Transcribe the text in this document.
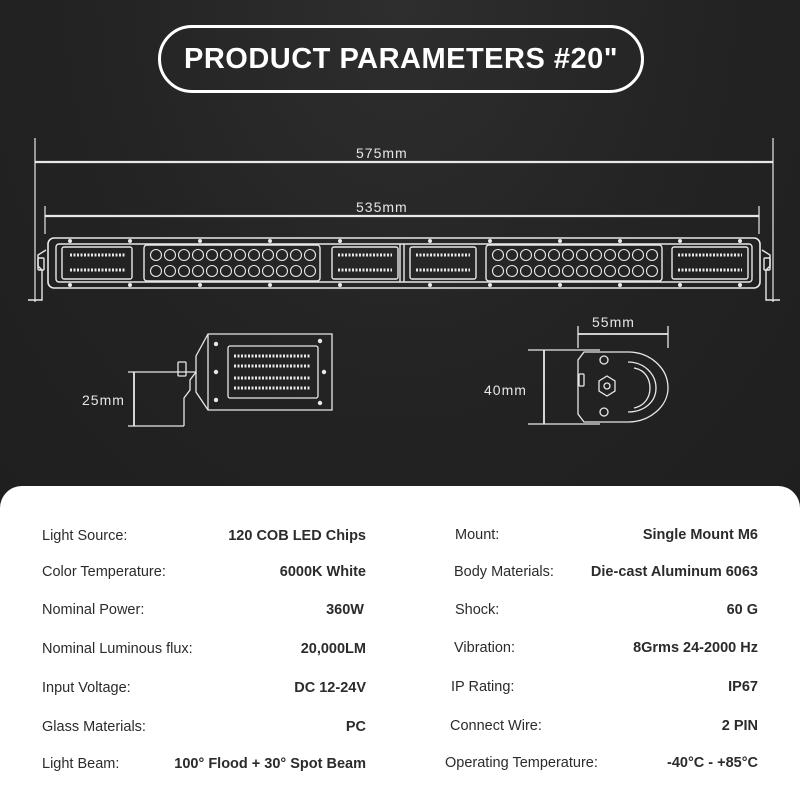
PRODUCT PARAMETERS #20"
575mm
535mm
25mm
55mm
40mm
Light Source:	120 COB LED Chips
Color Temperature:	6000K White
Nominal Power:	360W
Nominal Luminous flux:	20,000LM
Input Voltage:	DC 12-24V
Glass Materials:	PC
Light Beam:	100° Flood + 30° Spot Beam
Mount:	Single Mount M6
Body Materials:	Die-cast Aluminum 6063
Shock:	60 G
Vibration:	8Grms 24-2000 Hz
IP Rating:	IP67
Connect Wire:	2 PIN
Operating Temperature:	-40°C - +85°C
